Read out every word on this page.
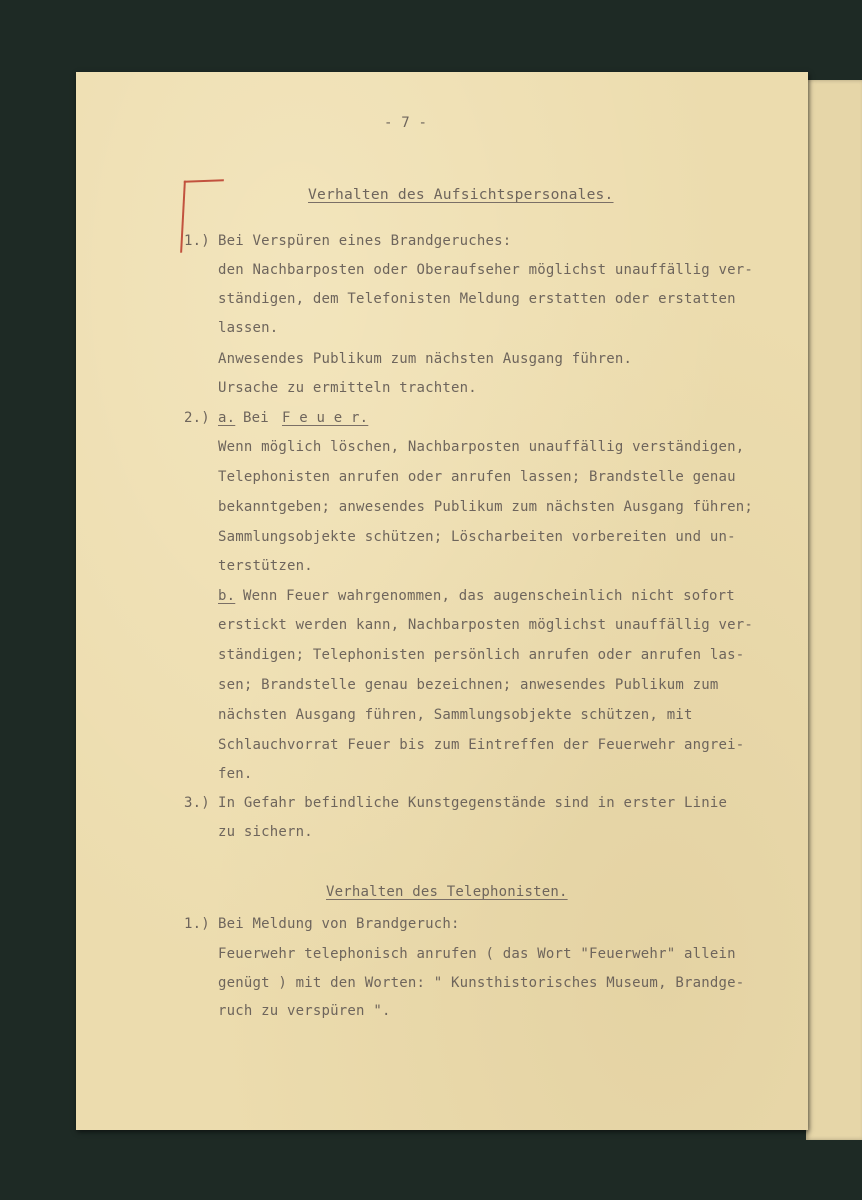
- 7 -
Verhalten des Aufsichtspersonales.
1.) Bei Verspüren eines Brandgeruches:
den Nachbarposten oder Oberaufseher möglichst unauffällig ver-
ständigen, dem Telefonisten Meldung erstatten oder erstatten
lassen.
Anwesendes Publikum zum nächsten Ausgang führen.
Ursache zu ermitteln trachten.
2.) a. Bei F e u e r.
Wenn möglich löschen, Nachbarposten unauffällig verständigen,
Telephonisten anrufen oder anrufen lassen; Brandstelle genau
bekanntgeben; anwesendes Publikum zum nächsten Ausgang führen;
Sammlungsobjekte schützen; Löscharbeiten vorbereiten und un-
terstützen.
b. Wenn Feuer wahrgenommen, das augenscheinlich nicht sofort
erstickt werden kann, Nachbarposten möglichst unauffällig ver-
ständigen; Telephonisten persönlich anrufen oder anrufen las-
sen; Brandstelle genau bezeichnen; anwesendes Publikum zum
nächsten Ausgang führen, Sammlungsobjekte schützen, mit
Schlauchvorrat Feuer bis zum Eintreffen der Feuerwehr angrei-
fen.
3.) In Gefahr befindliche Kunstgegenstände sind in erster Linie
zu sichern.
Verhalten des Telephonisten.
1.) Bei Meldung von Brandgeruch:
Feuerwehr telephonisch anrufen ( das Wort "Feuerwehr" allein
genügt ) mit den Worten: " Kunsthistorisches Museum, Brandge-
ruch zu verspüren ".
